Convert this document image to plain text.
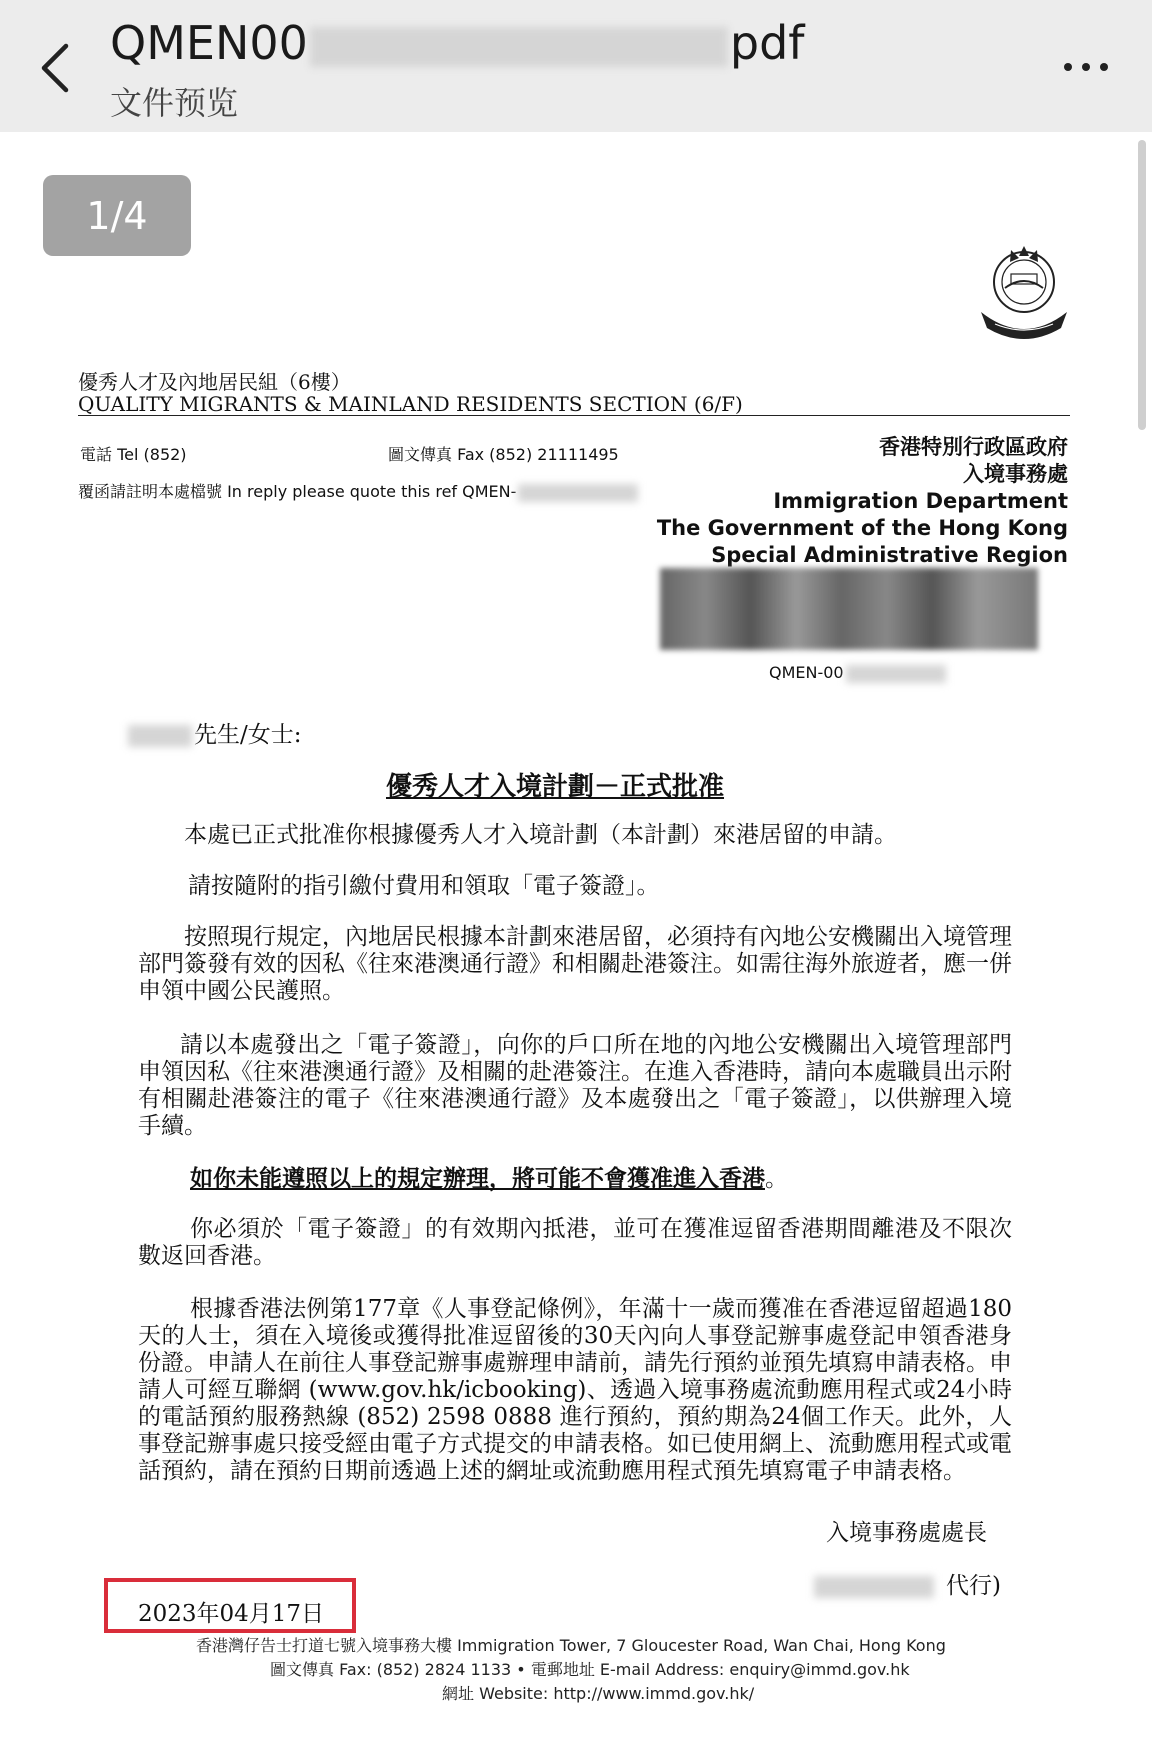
QMEN00	pdf
文件预览
1/4
優秀人才及內地居民組（6樓）
QUALITY MIGRANTS & MAINLAND RESIDENTS SECTION (6/F)
電話 Tel (852)	圖文傳真 Fax (852) 21111495
覆函請註明本處檔號 In reply please quote this ref QMEN-
香港特別行政區政府
入境事務處
Immigration Department
The Government of the Hong Kong
Special Administrative Region
QMEN-00
先生/女士:
優秀人才入境計劃－正式批准

本處已正式批准你根據優秀人才入境計劃（本計劃）來港居留的申請。

請按隨附的指引繳付費用和領取「電子簽證」。

按照現行規定，內地居民根據本計劃來港居留，必須持有內地公安機關出入境管理部門簽發有效的因私《往來港澳通行證》和相關赴港簽注。如需往海外旅遊者，應一併申領中國公民護照。

請以本處發出之「電子簽證」，向你的戶口所在地的內地公安機關出入境管理部門申領因私《往來港澳通行證》及相關的赴港簽注。在進入香港時，請向本處職員出示附有相關赴港簽注的電子《往來港澳通行證》及本處發出之「電子簽證」，以供辦理入境手續。

如你未能遵照以上的規定辦理，將可能不會獲准進入香港。

你必須於「電子簽證」的有效期內抵港，並可在獲准逗留香港期間離港及不限次數返回香港。

根據香港法例第177章《人事登記條例》，年滿十一歲而獲准在香港逗留超過180天的人士，須在入境後或獲得批准逗留後的30天內向人事登記辦事處登記申領香港身份證。申請人在前往人事登記辦事處辦理申請前，請先行預約並預先填寫申請表格。申請人可經互聯網 (www.gov.hk/icbooking)、透過入境事務處流動應用程式或24小時的電話預約服務熱線 (852) 2598 0888 進行預約，預約期為24個工作天。此外，人事登記辦事處只接受經由電子方式提交的申請表格。如已使用網上、流動應用程式或電話預約，請在預約日期前透過上述的網址或流動應用程式預先填寫電子申請表格。

入境事務處處長
代行)
2023年04月17日
香港灣仔告士打道七號入境事務大樓 Immigration Tower, 7 Gloucester Road, Wan Chai, Hong Kong
圖文傳真 Fax: (852) 2824 1133 • 電郵地址 E-mail Address: enquiry@immd.gov.hk
網址 Website: http://www.immd.gov.hk/
